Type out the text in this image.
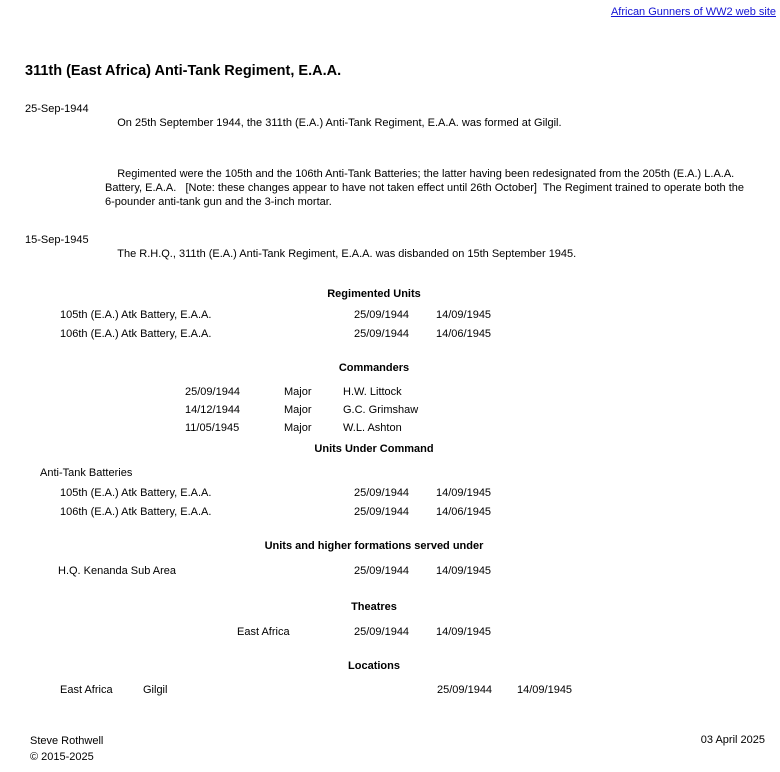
African Gunners of WW2 web site
311th (East Africa) Anti-Tank Regiment, E.A.A.

25-Sep-1944
On 25th September 1944, the 311th (E.A.) Anti-Tank Regiment, E.A.A. was formed at Gilgil.

Regimented were the 105th and the 106th Anti-Tank Batteries; the latter having been redesignated from the 205th (E.A.) L.A.A. Battery, E.A.A.   [Note: these changes appear to have not taken effect until 26th October]  The Regiment trained to operate both the 6-pounder anti-tank gun and the 3-inch mortar.

15-Sep-1945
The R.H.Q., 311th (E.A.) Anti-Tank Regiment, E.A.A. was disbanded on 15th September 1945.

Regimented Units
105th (E.A.) Atk Battery, E.A.A.	25/09/1944 14/09/1945
106th (E.A.) Atk Battery, E.A.A.	25/09/1944 14/06/1945
Commanders
25/09/1944	Major	H.W. Littock
14/12/1944	Major	G.C. Grimshaw
11/05/1945	Major	W.L. Ashton
Units Under Command
Anti-Tank Batteries
105th (E.A.) Atk Battery, E.A.A.	25/09/1944 14/09/1945
106th (E.A.) Atk Battery, E.A.A.	25/09/1944 14/06/1945
Units and higher formations served under
H.Q. Kenanda Sub Area	25/09/1944 14/09/1945
Theatres
East Africa	25/09/1944 14/09/1945
Locations
East Africa	Gilgil	25/09/1944 14/09/1945
Steve Rothwell
© 2015-2025
03 April 2025
